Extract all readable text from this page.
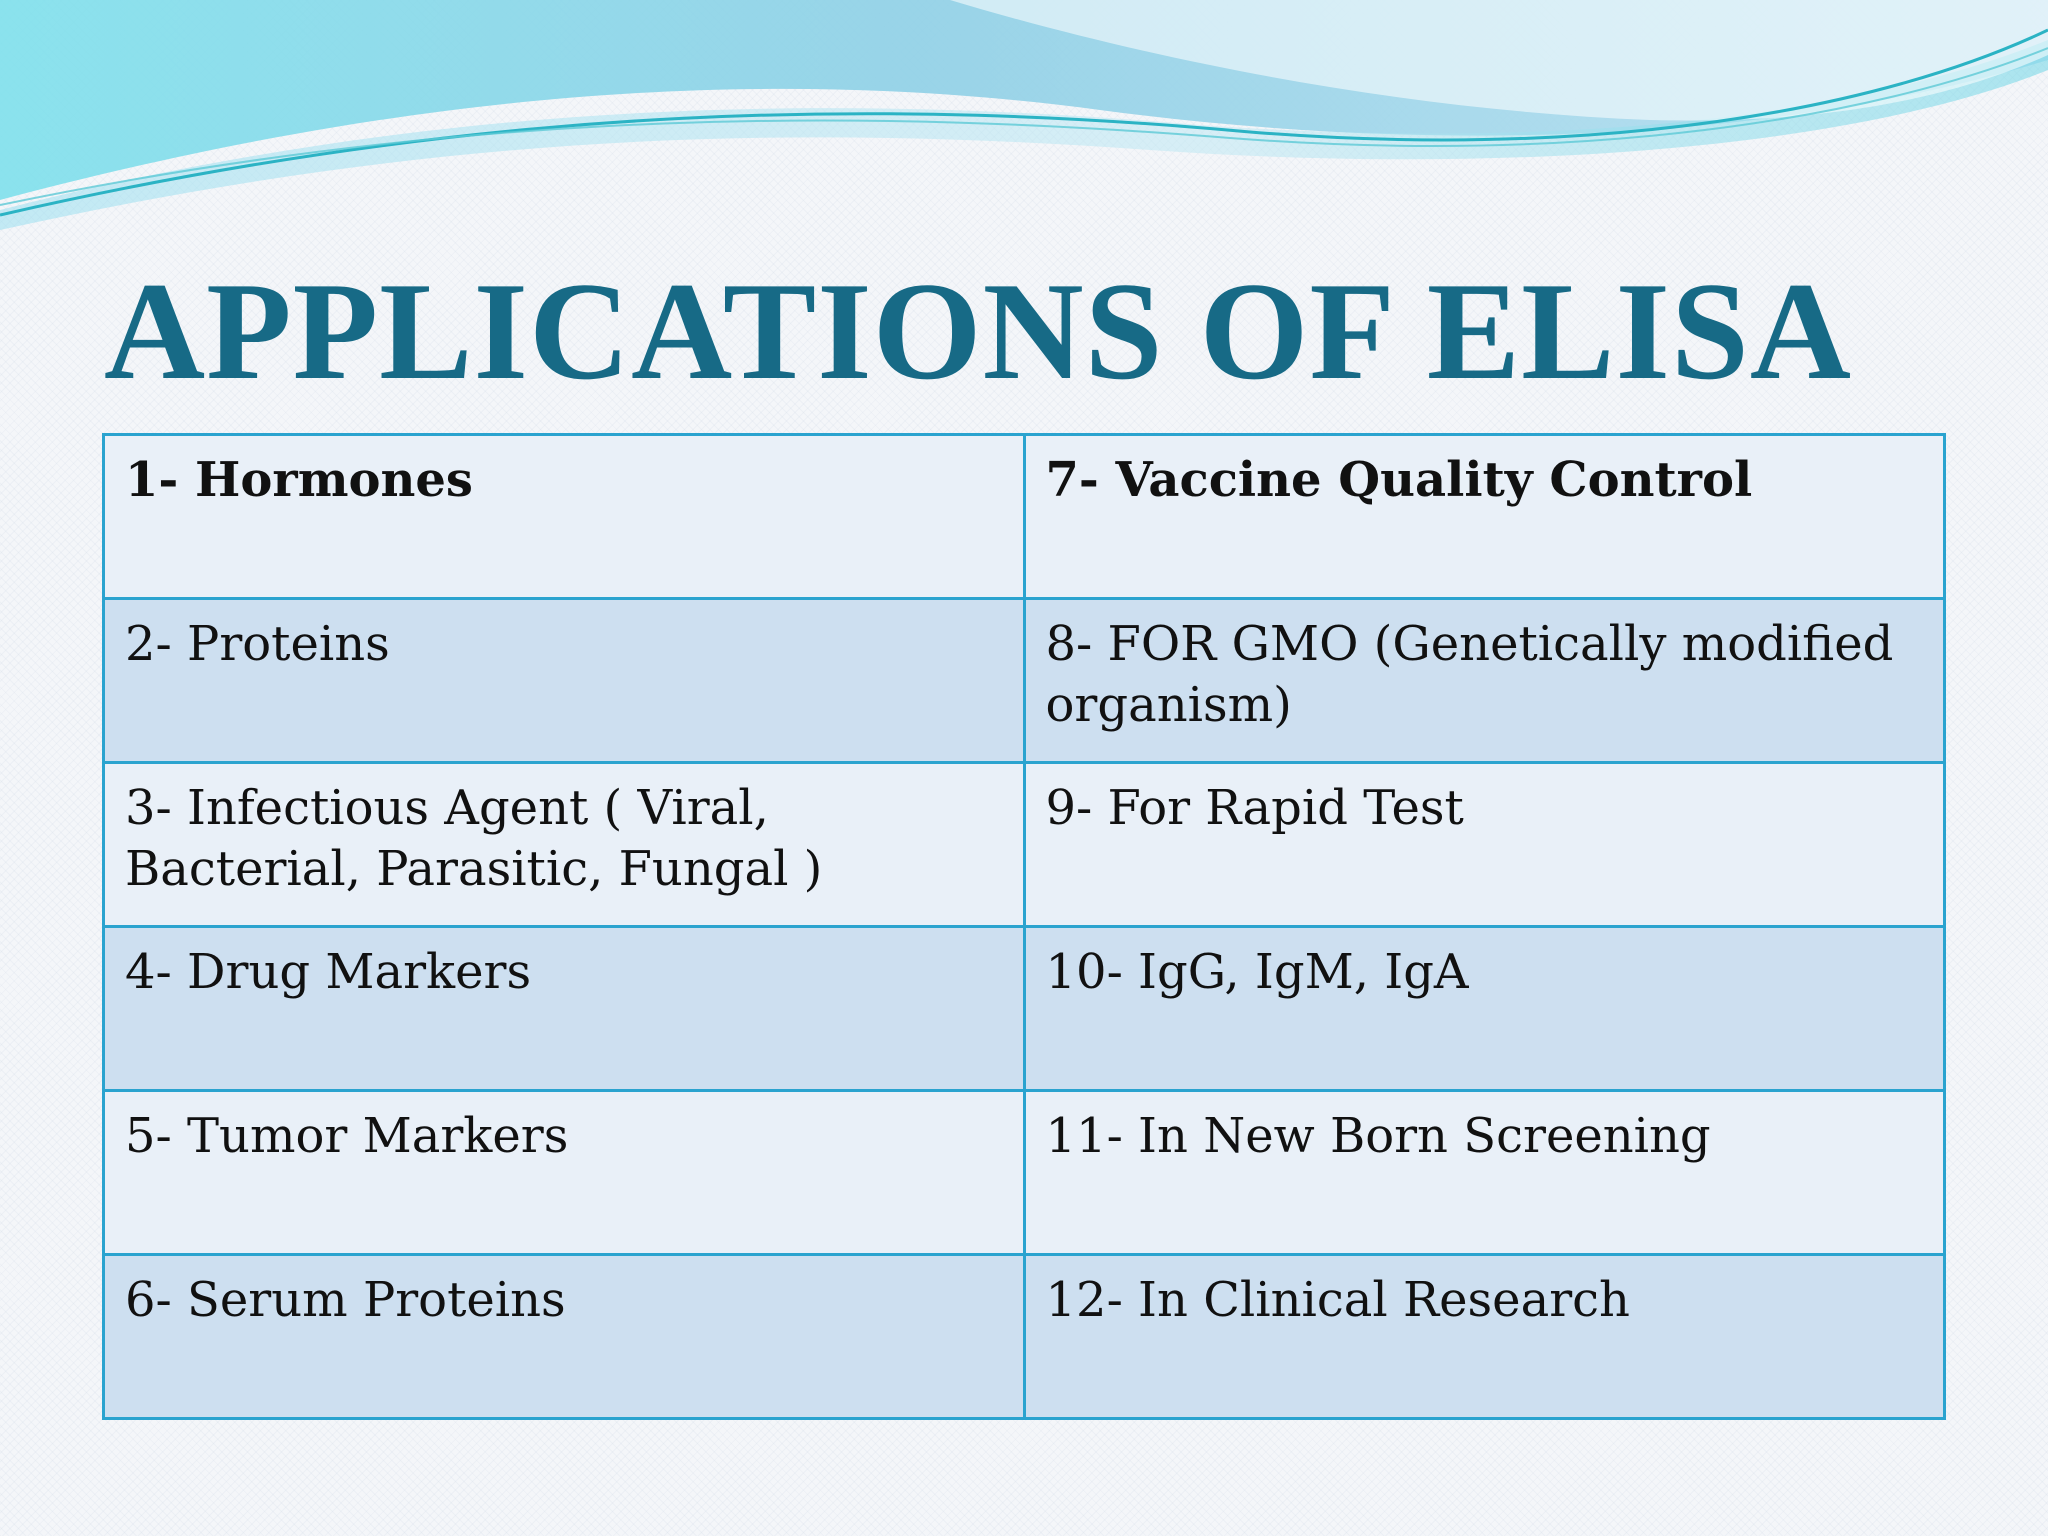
APPLICATIONS OF ELISA
1- Hormones	7- Vaccine Quality Control
2- Proteins	8- FOR GMO (Genetically modified organism)
3- Infectious Agent ( Viral, Bacterial, Parasitic, Fungal )	9- For Rapid Test
4- Drug Markers	10- IgG, IgM, IgA
5- Tumor Markers	11- In New Born Screening
6- Serum Proteins	12- In Clinical Research
